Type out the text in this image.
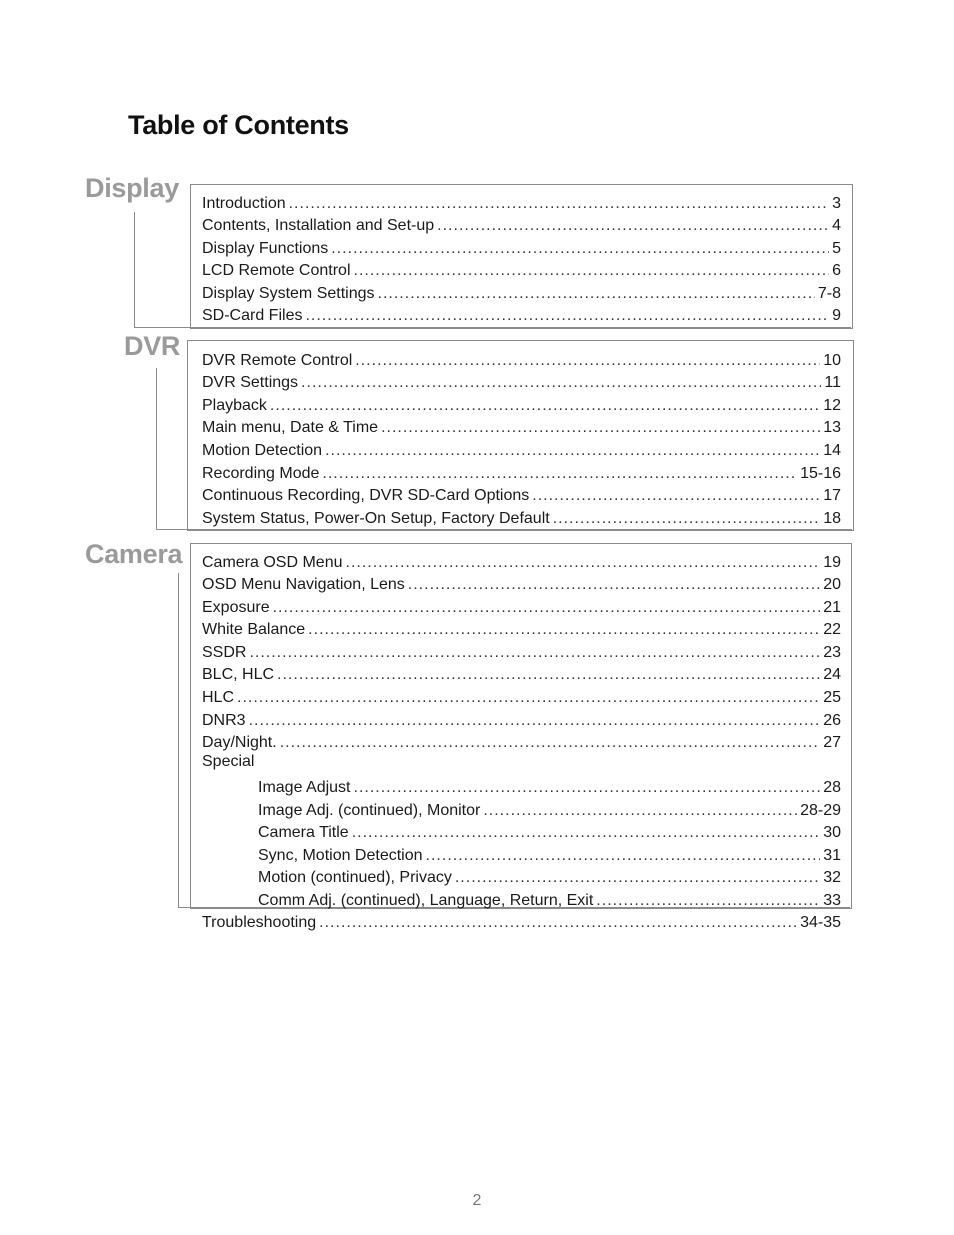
Table of Contents
Display
Introduction .....	3
Contents, Installation and Set-up .....	4
Display Functions .....	5
LCD Remote Control .....	6
Display System Settings .....	7-8
SD-Card Files .....	9
DVR DVR Remote Control .....	10
DVR Settings .....	11
Playback .....	12
Main menu, Date & Time .....	13
Motion Detection .....	14
Recording Mode .....	15-16
Continuous Recording, DVR SD-Card Options .....	17
System Status, Power-On Setup, Factory Default .....	18
Camera Camera OSD Menu .....	19
OSD Menu Navigation, Lens .....	20
Exposure .....	21
White Balance .....	22
SSDR .....	23
BLC, HLC .....	24
HLC .....	25
DNR3 .....	26
Day/Night. .....	27
Special
Image Adjust .....	28
Image Adj. (continued), Monitor .....	28-29
Camera Title .....	30
Sync, Motion Detection .....	31
Motion (continued), Privacy .....	32
Comm Adj. (continued), Language, Return, Exit .....	33
Troubleshooting .....	34-35
2
